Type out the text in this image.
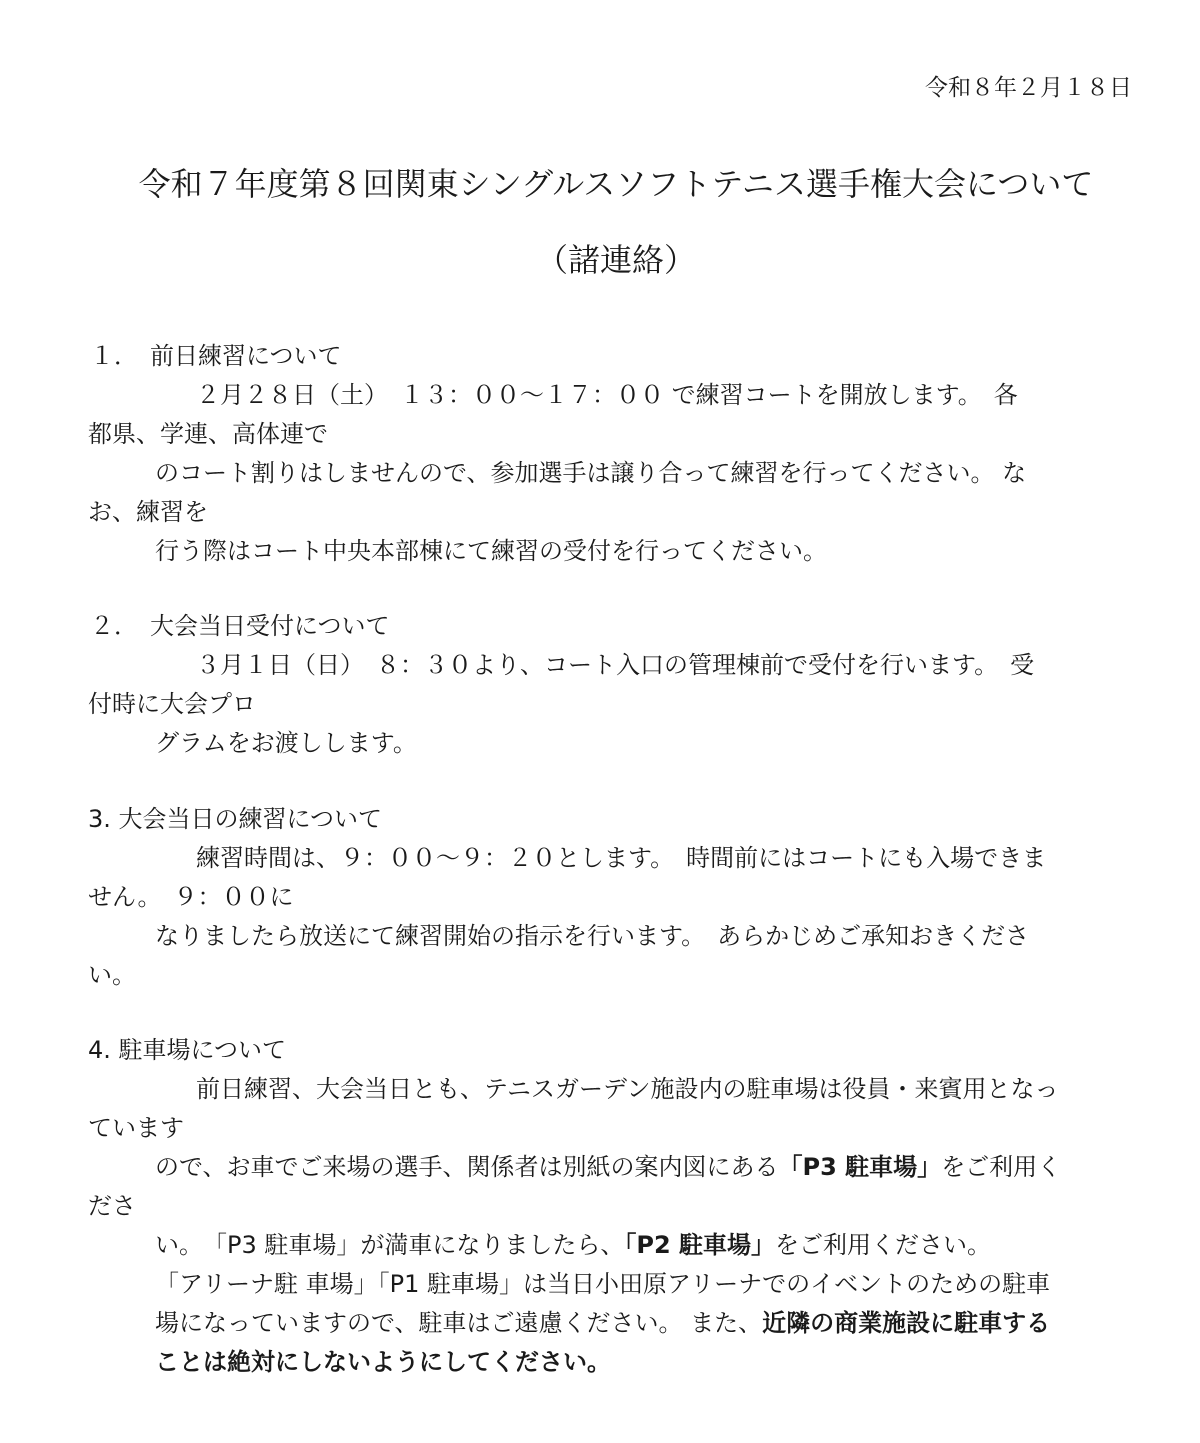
令和８年２月１８日

令和７年度第８回関東シングルスソフトテニス選手権大会について

（諸連絡）

１．　前日練習について

　　２月２８日（土）　１３：００～１７：００ で練習コートを開放します。　各

都県、学連、高体連で

のコート割りはしませんので、参加選手は譲り合って練習を行ってください。 な

お、練習を

行う際はコート中央本部棟にて練習の受付を行ってください。

２．　大会当日受付について

　　３月１日（日）　８：３０より、コート入口の管理棟前で受付を行います。　受

付時に大会プロ

グラムをお渡しします。

3. 大会当日の練習について

　　練習時間は、９：００～９：２０とします。　時間前にはコートにも入場できま

せん。　９：００に

なりましたら放送にて練習開始の指示を行います。　あらかじめご承知おきくださ

い。

4. 駐車場について

　　前日練習、大会当日とも、テニスガーデン施設内の駐車場は役員・来賓用となっ

ています

ので、お車でご来場の選手、関係者は別紙の案内図にある「P3 駐車場」をご利用く

ださ

い。　「P3 駐車場」が満車になりましたら、「P2 駐車場」をご利用ください。

「アリーナ駐 車場」「P1 駐車場」は当日小田原アリーナでのイベントのための駐車

場になっていますので、駐車はご遠慮ください。 また、近隣の商業施設に駐車する

ことは絶対にしないようにしてください。
